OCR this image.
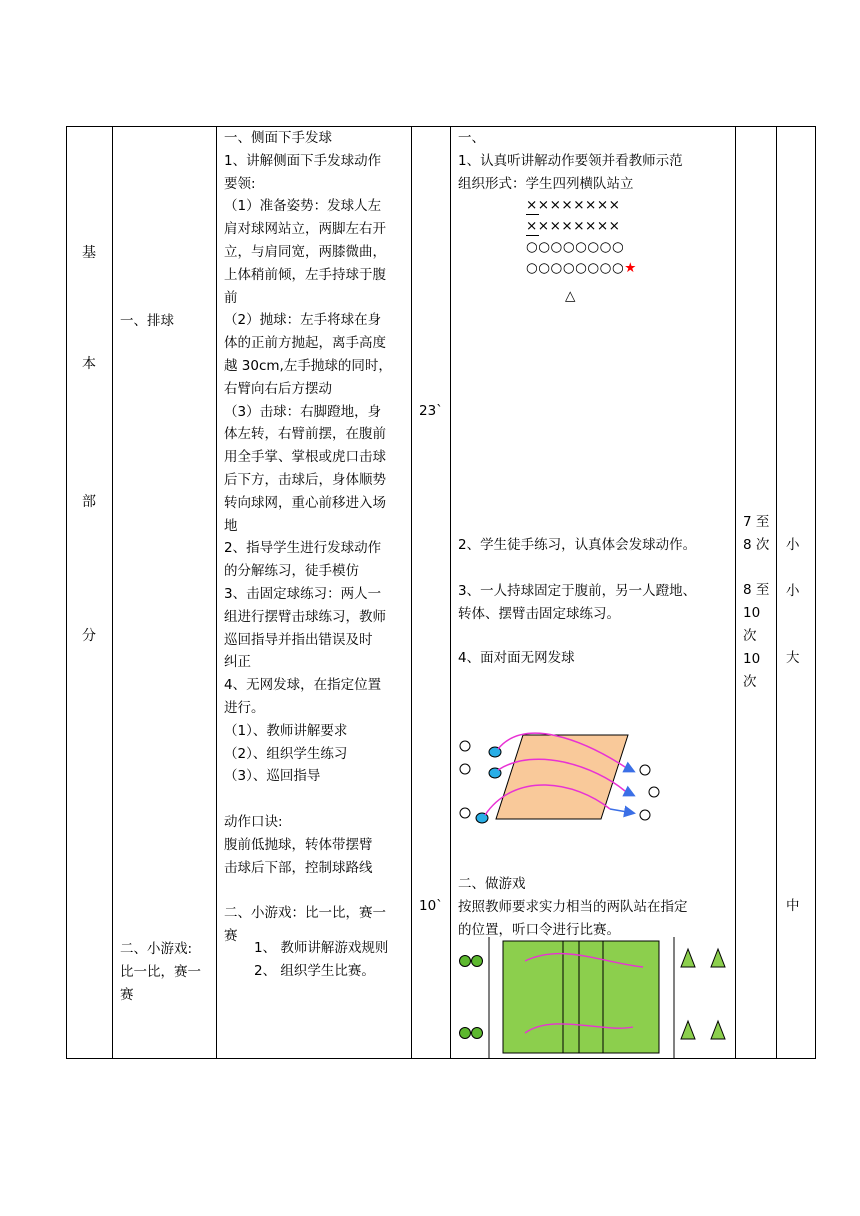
基
本
部
分
一、排球
二、小游戏:
比一比，赛一
赛
一、侧面下手发球
1、讲解侧面下手发球动作
要领:
（1）准备姿势：发球人左
肩对球网站立，两脚左右开
立，与肩同宽，两膝微曲，
上体稍前倾，左手持球于腹
前
（2）抛球：左手将球在身
体的正前方抛起，离手高度
越 30cm,左手抛球的同时，
右臂向右后方摆动
（3）击球：右脚蹬地，身
体左转，右臂前摆，在腹前
用全手掌、掌根或虎口击球
后下方，击球后，身体顺势
转向球网，重心前移进入场
地
2、指导学生进行发球动作
的分解练习，徒手模仿
3、击固定球练习：两人一
组进行摆臂击球练习，教师
巡回指导并指出错误及时
纠正
4、无网发球，在指定位置
进行。
（1）、教师讲解要求
（2）、组织学生练习
（3）、巡回指导

动作口诀:
腹前低抛球，转体带摆臂
击球后下部，控制球路线

二、小游戏：比一比，赛一
赛
1、 教师讲解游戏规则
2、 组织学生比赛。
23`
10`
一、
1、认真听讲解动作要领并看教师示范
组织形式：学生四列横队站立
××××××××
××××××××
○○○○○○○○
○○○○○○○○★
△
2、学生徒手练习，认真体会发球动作。
3、一人持球固定于腹前，另一人蹬地、
转体、摆臂击固定球练习。
4、面对面无网发球
二、做游戏
按照教师要求实力相当的两队站在指定
的位置，听口令进行比赛。
7 至
8 次

8 至
10
次
10
次
小
小
大
中
